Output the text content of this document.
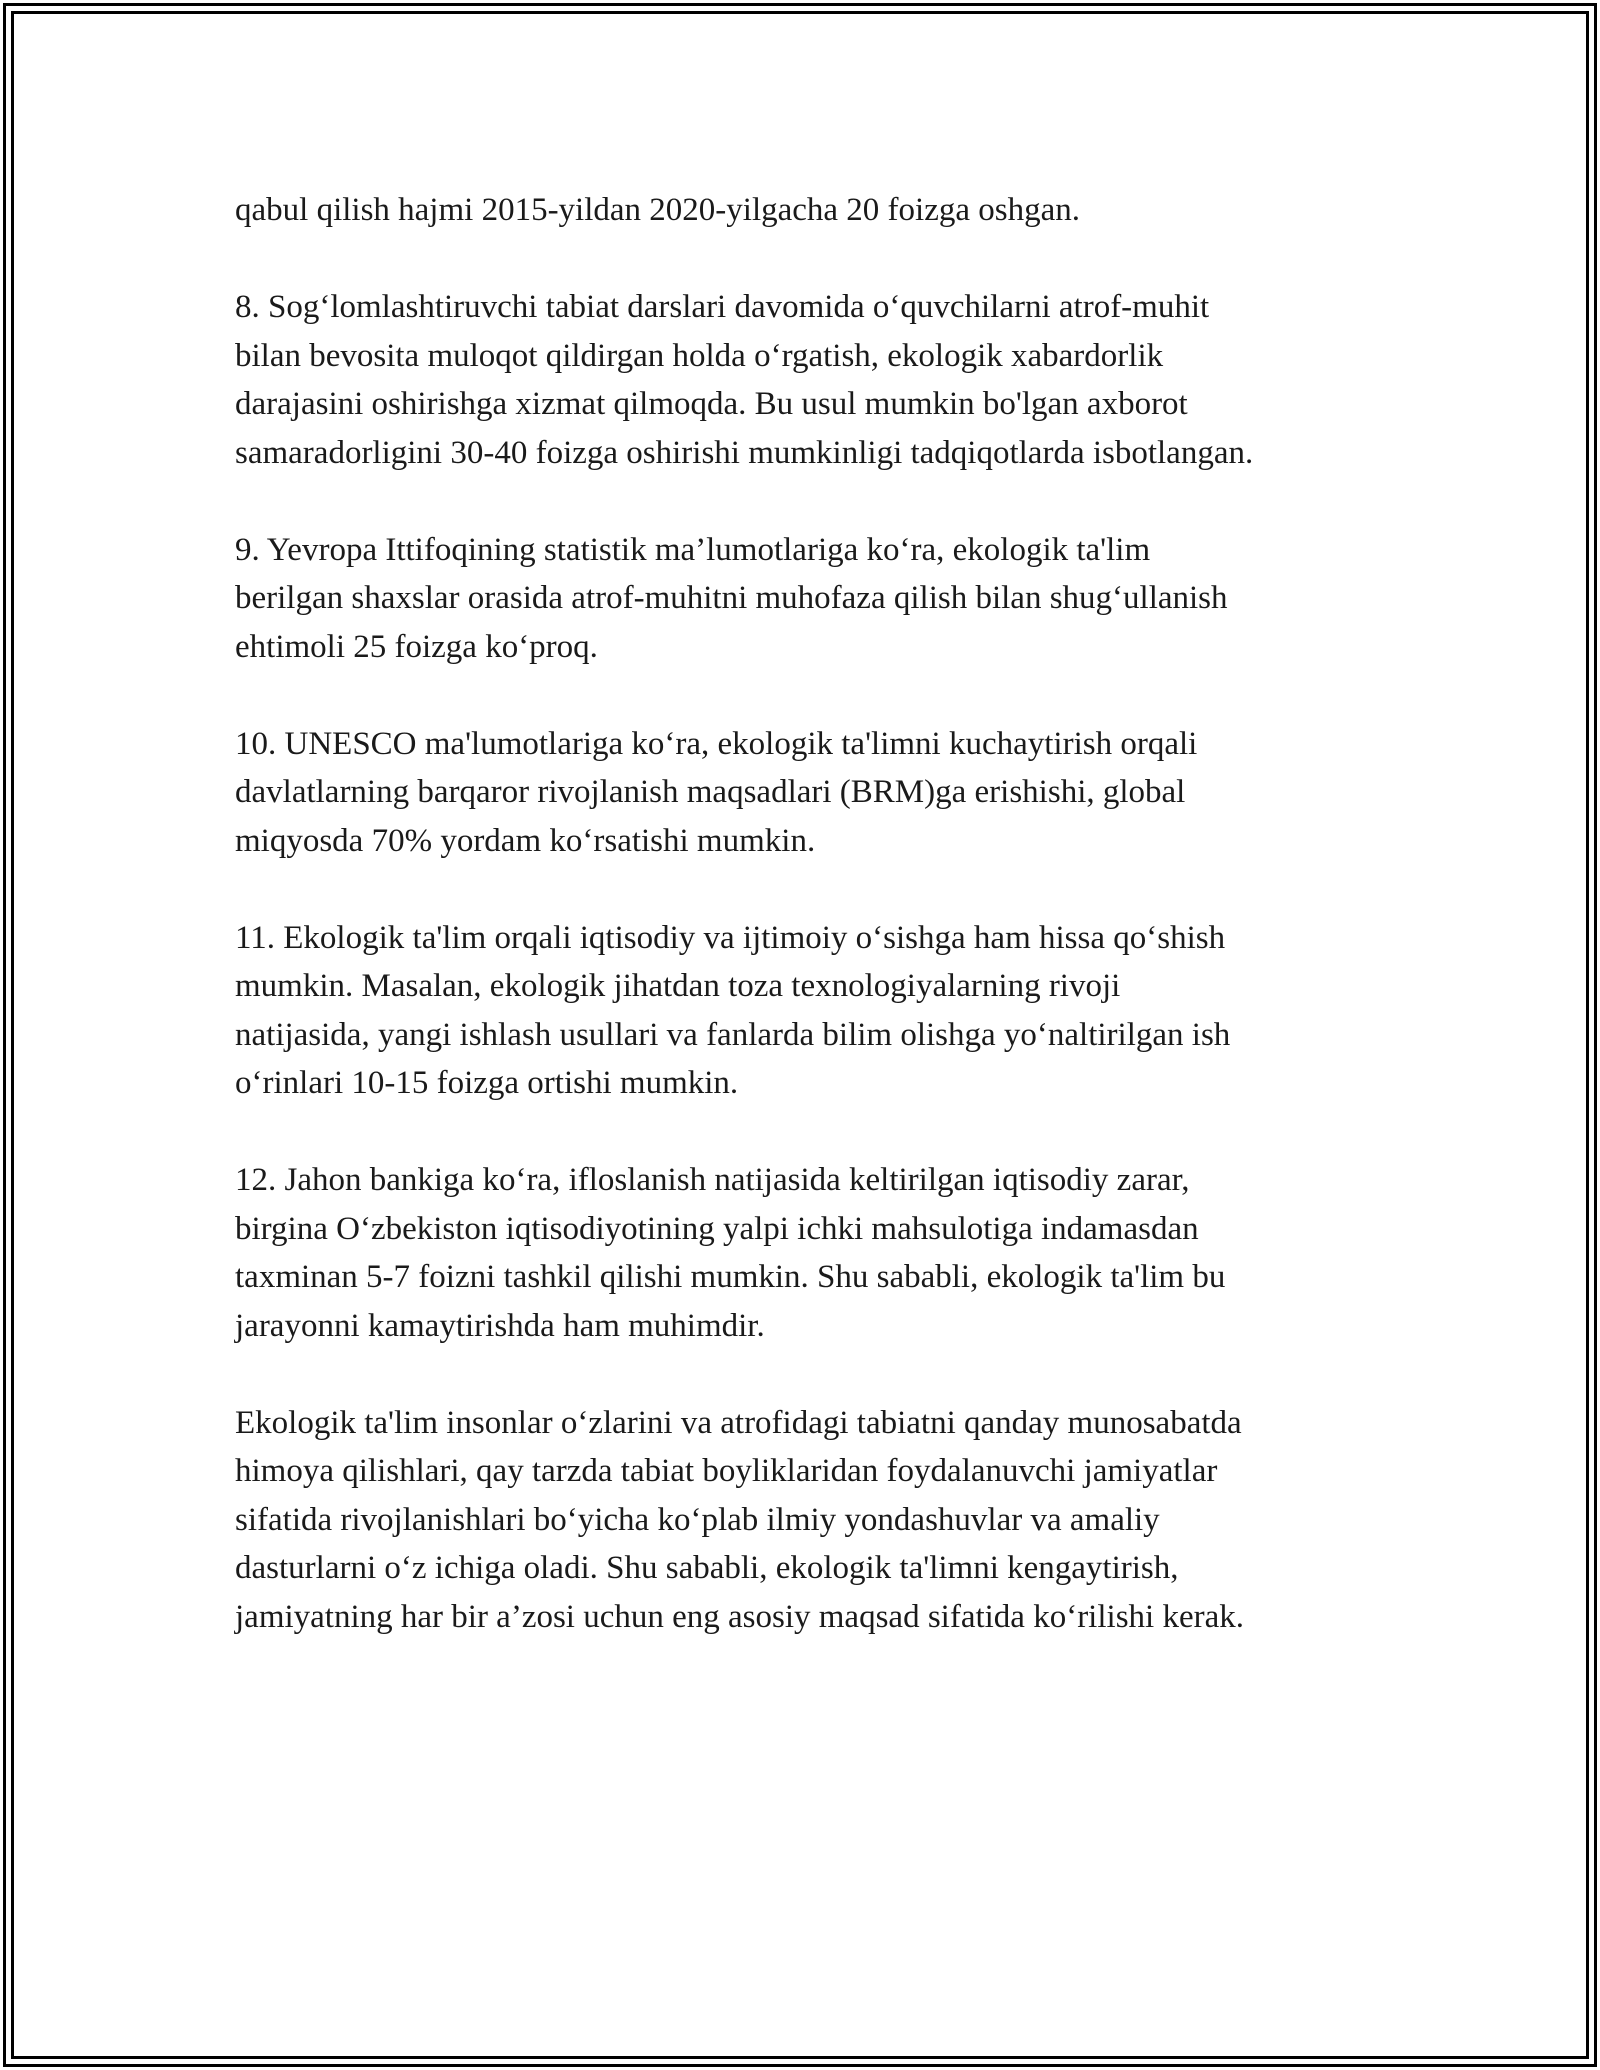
qabul qilish hajmi 2015-yildan 2020-yilgacha 20 foizga oshgan.

8. Sog‘lomlashtiruvchi tabiat darslari davomida o‘quvchilarni atrof-muhit
bilan bevosita muloqot qildirgan holda o‘rgatish, ekologik xabardorlik
darajasini oshirishga xizmat qilmoqda. Bu usul mumkin bo'lgan axborot
samaradorligini 30-40 foizga oshirishi mumkinligi tadqiqotlarda isbotlangan.

9. Yevropa Ittifoqining statistik ma’lumotlariga ko‘ra, ekologik ta'lim
berilgan shaxslar orasida atrof-muhitni muhofaza qilish bilan shug‘ullanish
ehtimoli 25 foizga ko‘proq.

10. UNESCO ma'lumotlariga ko‘ra, ekologik ta'limni kuchaytirish orqali
davlatlarning barqaror rivojlanish maqsadlari (BRM)ga erishishi, global
miqyosda 70% yordam ko‘rsatishi mumkin.

11. Ekologik ta'lim orqali iqtisodiy va ijtimoiy o‘sishga ham hissa qo‘shish
mumkin. Masalan, ekologik jihatdan toza texnologiyalarning rivoji
natijasida, yangi ishlash usullari va fanlarda bilim olishga yo‘naltirilgan ish
o‘rinlari 10-15 foizga ortishi mumkin.

12. Jahon bankiga ko‘ra, ifloslanish natijasida keltirilgan iqtisodiy zarar,
birgina O‘zbekiston iqtisodiyotining yalpi ichki mahsulotiga indamasdan
taxminan 5-7 foizni tashkil qilishi mumkin. Shu sababli, ekologik ta'lim bu
jarayonni kamaytirishda ham muhimdir.

Ekologik ta'lim insonlar o‘zlarini va atrofidagi tabiatni qanday munosabatda
himoya qilishlari, qay tarzda tabiat boyliklaridan foydalanuvchi jamiyatlar
sifatida rivojlanishlari bo‘yicha ko‘plab ilmiy yondashuvlar va amaliy
dasturlarni o‘z ichiga oladi. Shu sababli, ekologik ta'limni kengaytirish,
jamiyatning har bir a’zosi uchun eng asosiy maqsad sifatida ko‘rilishi kerak.
